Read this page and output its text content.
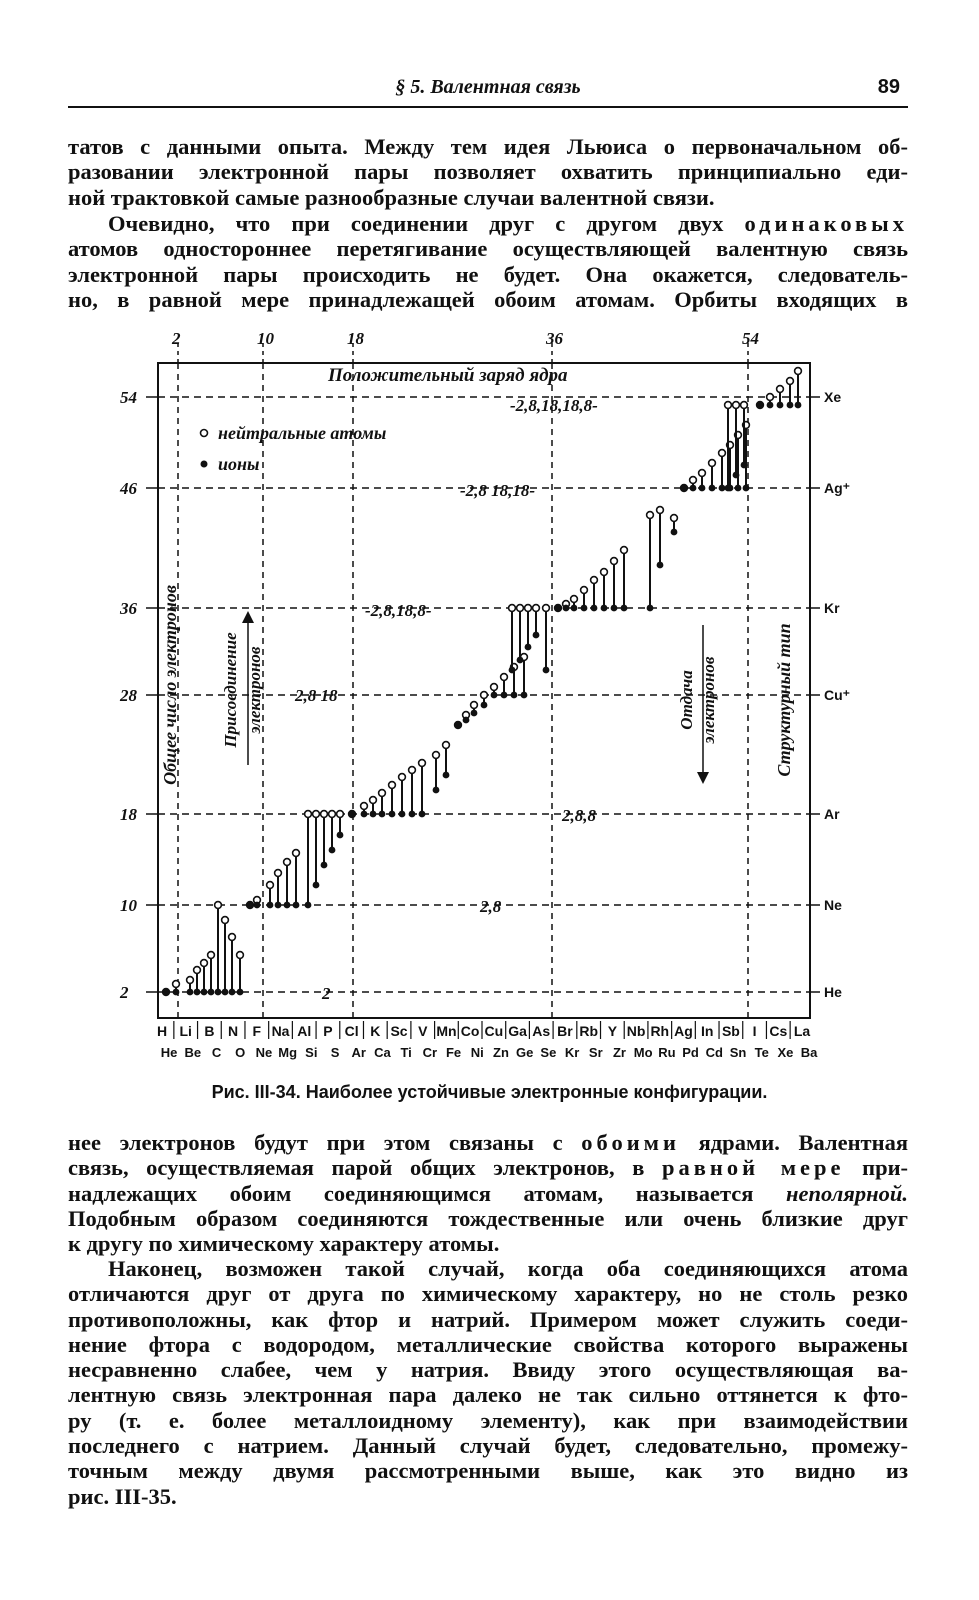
§ 5. Валентная связь	89
татов с данными опыта. Между тем идея Льюиса о первоначальном об-
разовании электронной пары позволяет охватить принципиально еди-
ной трактовкой самые разнообразные случаи валентной связи.
Очевидно, что при соединении друг с другом двух одинаковых
атомов одностороннее перетягивание осуществляющей валентную связь
электронной пары происходить не будет. Она окажется, следователь-
но, в равной мере принадлежащей обоим атомам. Орбиты входящих в
2	10	18	36	54
54	Xe
46	Ag⁺
36	Kr
28	Cu⁺
18	Ar
10	Ne
2	He
-2,8,18,18,8-
-2,8 18,18-
-2,8,18,8-
2,8 18
2,8,8
2,8
2
Положительный заряд ядра
нейтральные атомы
ионы
Общее число электронов Присоединение электронов	Отдача электронов	Структурный тип
H Li B N F Na Al P Cl K Sc V Mn Co Cu Ga As Br Rb Y Nb Rh Ag In Sb I Cs La
He Be C O Ne Mg Si S Ar Ca Ti Cr Fe Ni Zn Ge Se Kr Sr Zr Mo Ru Pd Cd Sn Te Xe Ba
Рис. III-34. Наиболее устойчивые электронные конфигурации.
нее электронов будут при этом связаны с обоими ядрами. Валентная
связь, осуществляемая парой общих электронов, в равной мере при-
надлежащих обоим соединяющимся атомам, называется неполярной.
Подобным образом соединяются тождественные или очень близкие друг
к другу по химическому характеру атомы.
Наконец, возможен такой случай, когда оба соединяющихся атома
отличаются друг от друга по химическому характеру, но не столь резко
противоположны, как фтор и натрий. Примером может служить соеди-
нение фтора с водородом, металлические свойства которого выражены
несравненно слабее, чем у натрия. Ввиду этого осуществляющая ва-
лентную связь электронная пара далеко не так сильно оттянется к фто-
ру (т. е. более металлоидному элементу), как при взаимодействии
последнего с натрием. Данный случай будет, следовательно, промежу-
точным между двумя рассмотренными выше, как это видно из
рис. III-35.
